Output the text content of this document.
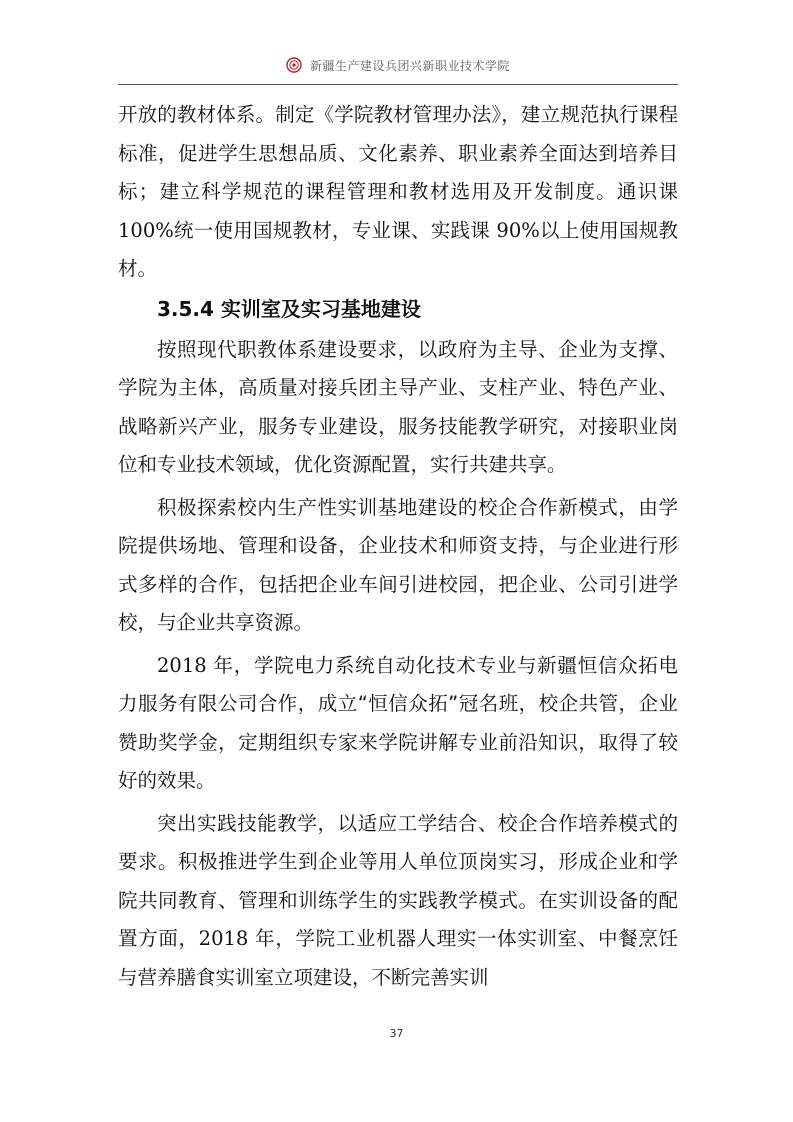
新疆生产建设兵团兴新职业技术学院

开放的教材体系。制定《学院教材管理办法》，建立规范执行课程标准，促进学生思想品质、文化素养、职业素养全面达到培养目标；建立科学规范的课程管理和教材选用及开发制度。通识课100%统一使用国规教材，专业课、实践课 90%以上使用国规教材。

3.5.4 实训室及实习基地建设

按照现代职教体系建设要求，以政府为主导、企业为支撑、学院为主体，高质量对接兵团主导产业、支柱产业、特色产业、战略新兴产业，服务专业建设，服务技能教学研究，对接职业岗位和专业技术领域，优化资源配置，实行共建共享。

积极探索校内生产性实训基地建设的校企合作新模式，由学院提供场地、管理和设备，企业技术和师资支持，与企业进行形式多样的合作，包括把企业车间引进校园，把企业、公司引进学校，与企业共享资源。

2018 年，学院电力系统自动化技术专业与新疆恒信众拓电力服务有限公司合作，成立“恒信众拓”冠名班，校企共管，企业赞助奖学金，定期组织专家来学院讲解专业前沿知识，取得了较好的效果。

突出实践技能教学，以适应工学结合、校企合作培养模式的要求。积极推进学生到企业等用人单位顶岗实习，形成企业和学院共同教育、管理和训练学生的实践教学模式。在实训设备的配置方面，2018 年，学院工业机器人理实一体实训室、中餐烹饪与营养膳食实训室立项建设，不断完善实训

37
